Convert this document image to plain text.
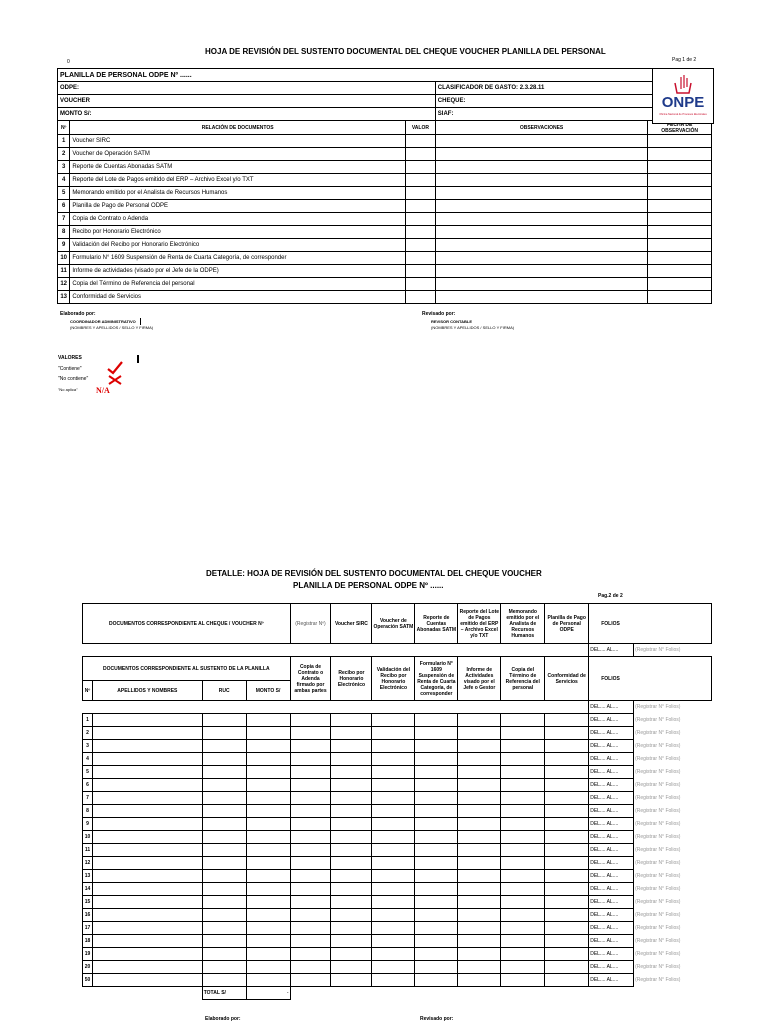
HOJA DE REVISIÓN DEL SUSTENTO DOCUMENTAL DEL CHEQUE VOUCHER PLANILLA DEL PERSONAL
0	Pag 1 de 2
PLANILLA DE PERSONAL ODPE Nº ......				
ODPE:			CLASIFICADOR DE GASTO: 2.3.28.11	
VOUCHER			CHEQUE:	
MONTO S/:			SIAF:	
Nº	RELACIÓN DE DOCUMENTOS	VALOR	OBSERVACIONES	OBSERVACIÓN
1	Voucher SIRC			
2	Voucher de Operación SATM			
3	Reporte de Cuentas Abonadas SATM			
4	Reporte del Lote de Pagos emitido del ERP – Archivo Excel y/o TXT			
5	Memorando emitido por el Analista de Recursos Humanos			
6	Planilla de Pago de Personal ODPE			
7	Copia de Contrato o Adenda			
8	Recibo por Honorario Electrónico			
9	Validación del Recibo por Honorario Electrónico			
10	Formulario N° 1609 Suspensión de Renta de Cuarta Categoría, de corresponder			
11	Informe de actividades (visado por el Jefe de la ODPE)			
12	Copia del Término de Referencia del personal			
13	Conformidad de Servicios			
ONPE
Oficina Nacional de Procesos Electorales
Elaborado por:
COORDINADOR ADMINISTRATIVO
(NOMBRES Y APELLIDOS / SELLO Y FIRMA)
Revisado por:
REVISOR CONTABLE
(NOMBRES Y APELLIDOS / SELLO Y FIRMA)
VALORES
"Contiene"
"No contiene"
"No aplica" N/A
DETALLE: HOJA DE REVISIÓN DEL SUSTENTO DOCUMENTAL DEL CHEQUE VOUCHER
PLANILLA DE PERSONAL ODPE Nº ......
Pag.2 de 2
DOCUMENTOS CORRESPONDIENTE AL CHEQUE / VOUCHER Nº				(Registrar Nº)	Voucher SIRC	Voucher de Operación SATM	Reporte de Cuentas Abonadas SATM	Reporte del Lote de Pagos emitido del ERP – Archivo Excel y/o TXT	Memorando emitido por el Analista de Recursos Humanos	Planilla de Pago de Personal ODPE	FOLIOS	
											DEL.... AL....	(Registrar N° Folios)
DOCUMENTOS CORRESPONDIENTE AL SUSTENTO DE LA PLANILLA				Copia de Contrato o Adenda firmado por ambas partes	Recibo por Honorario Electrónico	Validación del Recibo por Honorario Electrónico	Formulario N° 1609 Suspensión de Renta de Cuarta Categoría, de corresponder	Informe de Actividades visado por el Jefe o Gestor	Copia del Término de Referencia del personal	Conformidad de Servicios	FOLIOS	
Nº	APELLIDOS Y NOMBRES	RUC	MONTO S/									
											DEL.... AL....	(Registrar N° Folios)
1											DEL.... AL....	(Registrar N° Folios)
2											DEL.... AL....	(Registrar N° Folios)
3											DEL.... AL....	(Registrar N° Folios)
4											DEL.... AL....	(Registrar N° Folios)
5											DEL.... AL....	(Registrar N° Folios)
6											DEL.... AL....	(Registrar N° Folios)
7											DEL.... AL....	(Registrar N° Folios)
8											DEL.... AL....	(Registrar N° Folios)
9											DEL.... AL....	(Registrar N° Folios)
10											DEL.... AL....	(Registrar N° Folios)
11											DEL.... AL....	(Registrar N° Folios)
12											DEL.... AL....	(Registrar N° Folios)
13											DEL.... AL....	(Registrar N° Folios)
14											DEL.... AL....	(Registrar N° Folios)
15											DEL.... AL....	(Registrar N° Folios)
16											DEL.... AL....	(Registrar N° Folios)
17											DEL.... AL....	(Registrar N° Folios)
18											DEL.... AL....	(Registrar N° Folios)
19											DEL.... AL....	(Registrar N° Folios)
20											DEL.... AL....	(Registrar N° Folios)
50											DEL.... AL....	(Registrar N° Folios)
		TOTAL S/	-									
Elaborado por:	Revisado por:
